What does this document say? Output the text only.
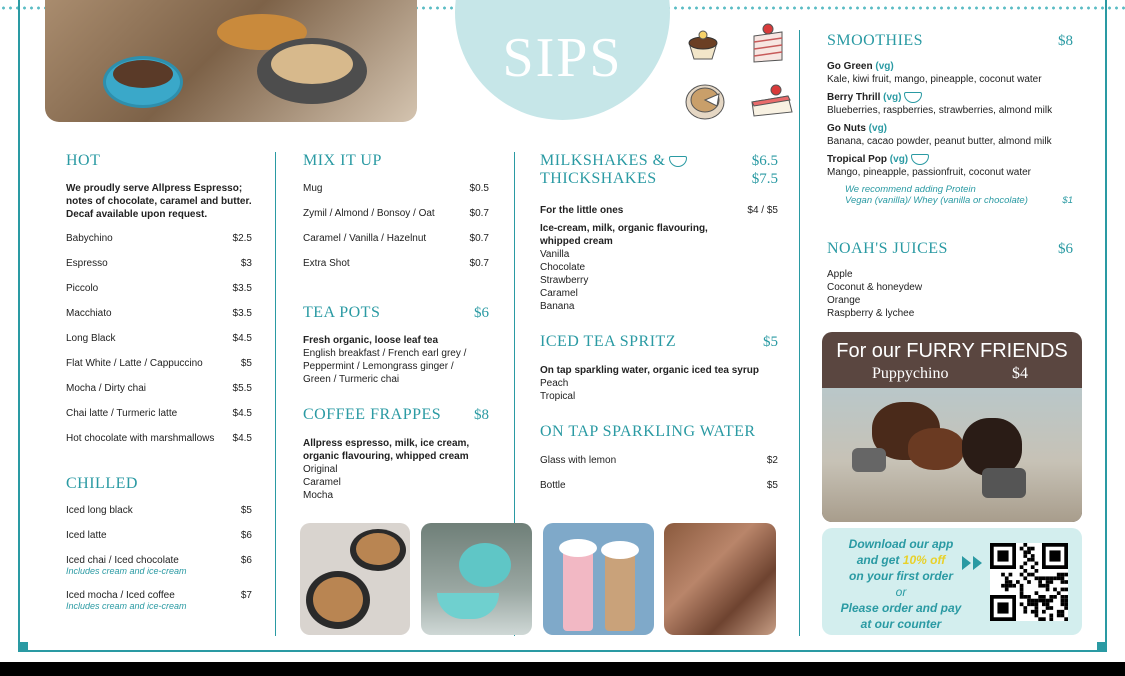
SIPS
HOT
We proudly serve Allpress Espresso;
notes of chocolate, caramel and butter.
Decaf available upon request.
Babychino	$2.5
Espresso	$3
Piccolo	$3.5
Macchiato	$3.5
Long Black	$4.5
Flat White / Latte / Cappuccino	$5
Mocha / Dirty chai	$5.5
Chai latte / Turmeric latte	$4.5
Hot chocolate with marshmallows $4.5
CHILLED
Iced long black	$5
Iced latte	$6
Iced chai / Iced chocolate	$6
Includes cream and ice-cream
Iced mocha / Iced coffee	$7
Includes cream and ice-cream
MIX IT UP
Mug	$0.5
Zymil / Almond / Bonsoy / Oat	$0.7
Caramel / Vanilla / Hazelnut	$0.7
Extra Shot	$0.7
TEA POTS	$6
Fresh organic, loose leaf tea
English breakfast / French earl grey /
Peppermint / Lemongrass ginger /
Green / Turmeric chai
COFFEE FRAPPES $8
Allpress espresso, milk, ice cream,
organic flavouring, whipped cream
Original
Caramel
Mocha
MILKSHAKES &	$6.5
THICKSHAKES	$7.5
For the little ones	$4 / $5
Ice-cream, milk, organic flavouring,
whipped cream
Vanilla
Chocolate
Strawberry
Caramel
Banana
ICED TEA SPRITZ	$5
On tap sparkling water, organic iced tea syrup
Peach
Tropical
ON TAP SPARKLING WATER
Glass with lemon	$2
Bottle	$5
SMOOTHIES	$8
Go Green (vg)
Kale, kiwi fruit, mango, pineapple, coconut water
Berry Thrill (vg)
Blueberries, raspberries, strawberries, almond milk
Go Nuts (vg)
Banana, cacao powder, peanut butter, almond milk
Tropical Pop (vg)
Mango, pineapple, passionfruit, coconut water
We recommend adding Protein
Vegan (vanilla)/ Whey (vanilla or chocolate)	$1
NOAH'S JUICES	$6
Apple
Coconut & honeydew
Orange
Raspberry & lychee
For our FURRY FRIENDS
Puppychino	$4
Download our app
and get 10% off
on your first order
or
Please order and pay
at our counter
